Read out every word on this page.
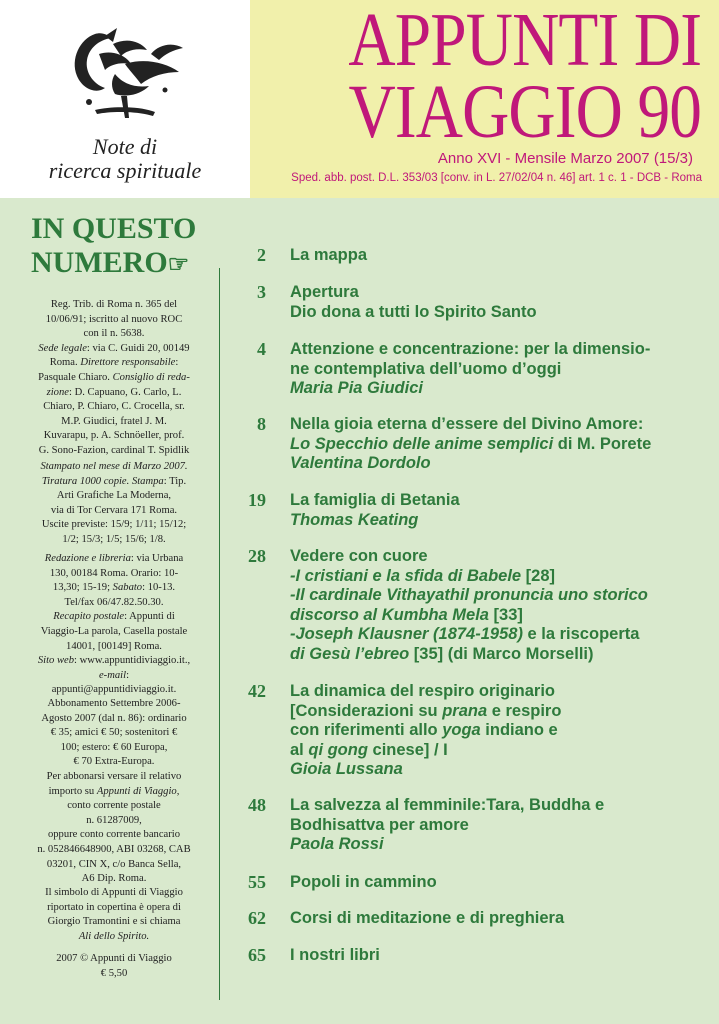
Note di
ricerca spirituale
APPUNTI DI
VIAGGIO 90
Anno XVI - Mensile Marzo 2007 (15/3)
Sped. abb. post. D.L. 353/03 [conv. in L. 27/02/04 n. 46] art. 1 c. 1 - DCB - Roma
IN QUESTO
NUMERO☞
Reg. Trib. di Roma n. 365 del
10/06/91; iscritto al nuovo ROC
con il n. 5638.
Sede legale: via C. Guidi 20, 00149
Roma. Direttore responsabile:
Pasquale Chiaro. Consiglio di reda-
zione: D. Capuano, G. Carlo, L.
Chiaro, P. Chiaro, C. Crocella, sr.
M.P. Giudici, fratel J. M.
Kuvarapu, p. A. Schnöeller, prof.
G. Sono-Fazion, cardinal T. Spidlik
Stampato nel mese di Marzo 2007.
Tiratura 1000 copie. Stampa: Tip.
Arti Grafiche La Moderna,
via di Tor Cervara 171 Roma.
Uscite previste: 15/9; 1/11; 15/12;
1/2; 15/3; 1/5; 15/6; 1/8.
Redazione e libreria: via Urbana
130, 00184 Roma. Orario: 10-
13,30; 15-19; Sabato: 10-13.
Tel/fax 06/47.82.50.30.
Recapito postale: Appunti di
Viaggio-La parola, Casella postale
14001, [00149] Roma.
Sito web: www.appuntidiviaggio.it.,
e-mail:
appunti@appuntidiviaggio.it.
Abbonamento Settembre 2006-
Agosto 2007 (dal n. 86): ordinario
€ 35; amici € 50; sostenitori €
100; estero: € 60 Europa,
€ 70 Extra-Europa.
Per abbonarsi versare il relativo
importo su Appunti di Viaggio,
conto corrente postale
n. 61287009,
oppure conto corrente bancario
n. 052846648900, ABI 03268, CAB
03201, CIN X, c/o Banca Sella,
A6 Dip. Roma.
Il simbolo di Appunti di Viaggio
riportato in copertina è opera di
Giorgio Tramontini e si chiama
Ali dello Spirito.
2007 © Appunti di Viaggio
€ 5,50
2 La mappa
3 Apertura
Dio dona a tutti lo Spirito Santo
4 Attenzione e concentrazione: per la dimensio-
ne contemplativa dell’uomo d’oggi
Maria Pia Giudici
8 Nella gioia eterna d’essere del Divino Amore:
Lo Specchio delle anime semplici di M. Porete
Valentina Dordolo
19 La famiglia di Betania
Thomas Keating
28 Vedere con cuore
-I cristiani e la sfida di Babele [28]
-Il cardinale Vithayathil pronuncia uno storico
discorso al Kumbha Mela [33]
-Joseph Klausner (1874-1958) e la riscoperta
di Gesù l’ebreo [35] (di Marco Morselli)
42 La dinamica del respiro originario
[Considerazioni su prana e respiro
con riferimenti allo yoga indiano e
al qi gong cinese] / I
Gioia Lussana
48 La salvezza al femminile:Tara, Buddha e
Bodhisattva per amore
Paola Rossi
55 Popoli in cammino
62 Corsi di meditazione e di preghiera
65 I nostri libri
